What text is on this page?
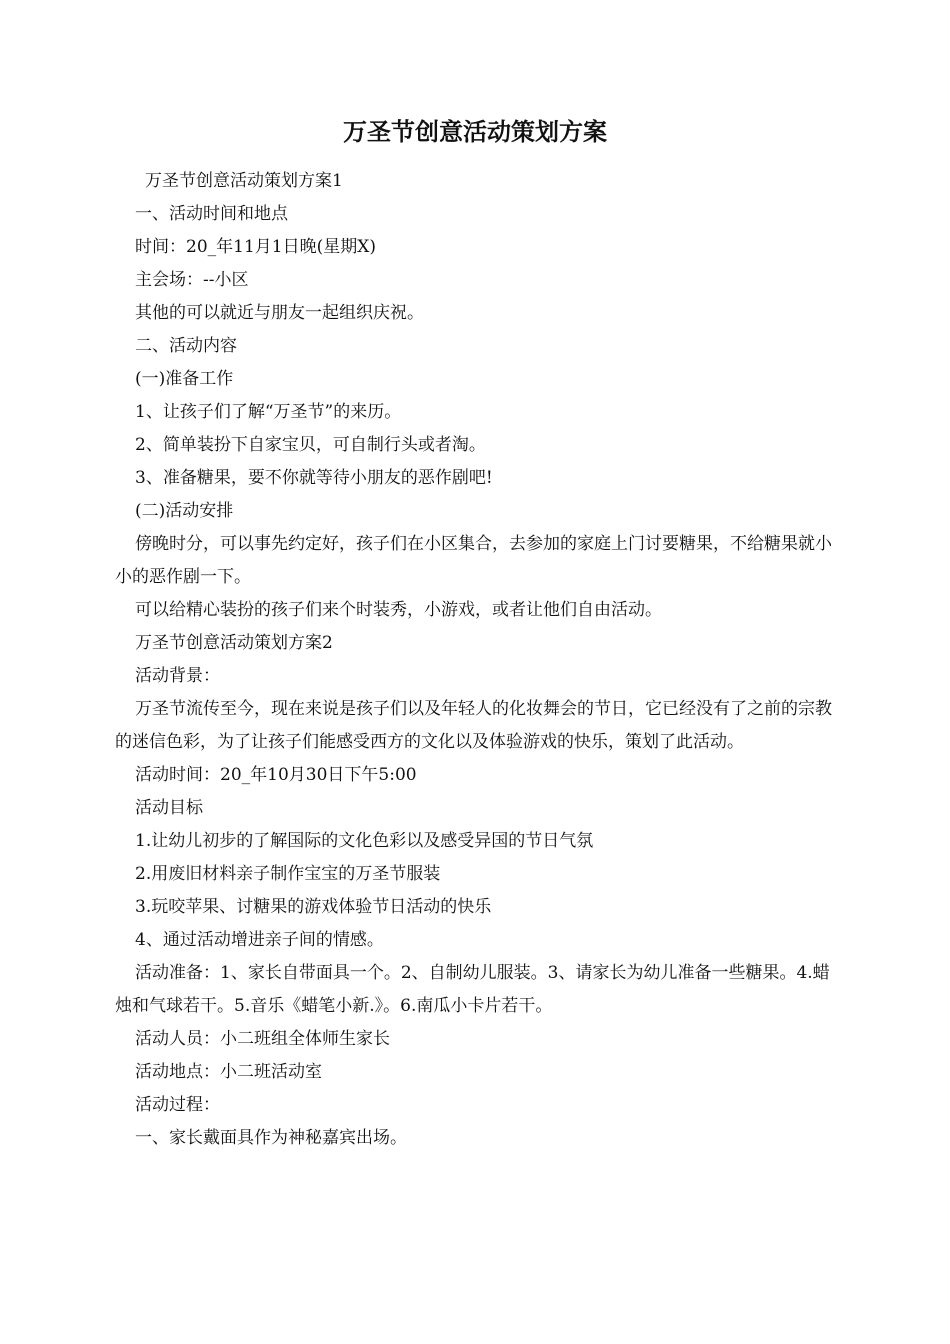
万圣节创意活动策划方案

万圣节创意活动策划方案1

一、活动时间和地点

时间：20_年11月1日晚(星期X)

主会场：--小区

其他的可以就近与朋友一起组织庆祝。

二、活动内容

(一)准备工作

1、让孩子们了解“万圣节”的来历。

2、简单装扮下自家宝贝，可自制行头或者淘。

3、准备糖果，要不你就等待小朋友的恶作剧吧!

(二)活动安排

傍晚时分，可以事先约定好，孩子们在小区集合，去参加的家庭上门讨要糖果，不给糖果就小小的恶作剧一下。

可以给精心装扮的孩子们来个时装秀，小游戏，或者让他们自由活动。

万圣节创意活动策划方案2

活动背景：

万圣节流传至今，现在来说是孩子们以及年轻人的化妆舞会的节日，它已经没有了之前的宗教的迷信色彩，为了让孩子们能感受西方的文化以及体验游戏的快乐，策划了此活动。

活动时间：20_年10月30日下午5:00

活动目标

1.让幼儿初步的了解国际的文化色彩以及感受异国的节日气氛

2.用废旧材料亲子制作宝宝的万圣节服装

3.玩咬苹果、讨糖果的游戏体验节日活动的快乐

4、通过活动增进亲子间的情感。

活动准备：1、家长自带面具一个。2、自制幼儿服装。3、请家长为幼儿准备一些糖果。4.蜡烛和气球若干。5.音乐《蜡笔小新.》。6.南瓜小卡片若干。

活动人员：小二班组全体师生家长

活动地点：小二班活动室

活动过程：

一、家长戴面具作为神秘嘉宾出场。
